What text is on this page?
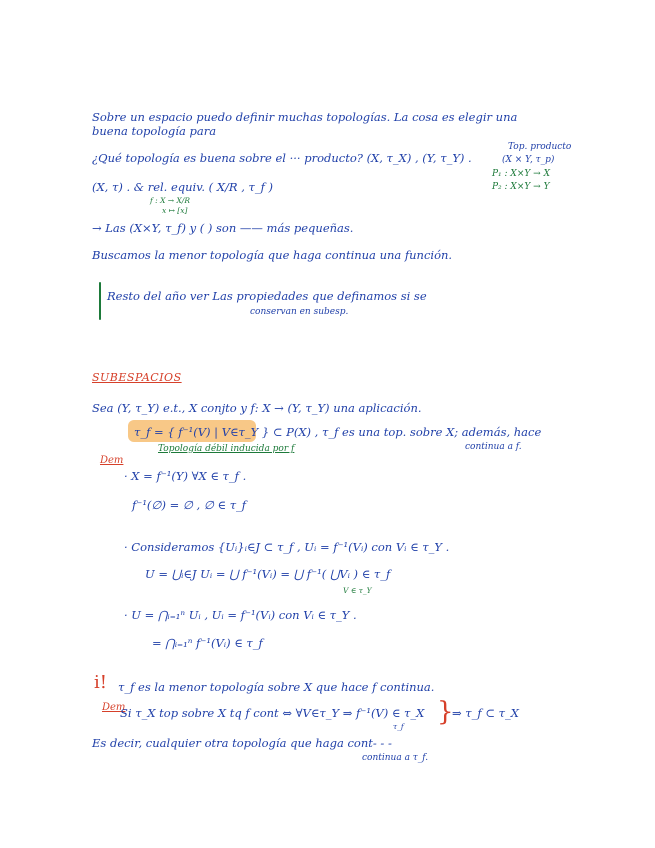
Sobre un espacio puedo definir muchas topologías. La cosa es elegir una
buena topología para
Top. producto
(X × Y, τ_p)
P₁ : X×Y → X
P₂ : X×Y → Y
¿Qué topología es buena sobre el ··· producto? (X, τ_X) , (Y, τ_Y) .
(X, τ) . & rel. equiv. ( X/R , τ_f )
f : X → X/R
x ↦ [x]
→ Las (X×Y, τ_f) y ( ) son —— más pequeñas.
Buscamos la menor topología que haga continua una función.
Resto del año ver Las propiedades que definamos si se
conservan en subesp.
SUBESPACIOS
Sea (Y, τ_Y) e.t., X conjto y f: X → (Y, τ_Y) una aplicación.
τ_f = { f⁻¹(V) | V∈τ_Y } ⊂ P(X) , τ_f es una top. sobre X; además, hace
continua a f.
Topología débil inducida por f
Dem
· X = f⁻¹(Y) ∀X ∈ τ_f .
f⁻¹(∅) = ∅ , ∅ ∈ τ_f
· Consideramos {Uᵢ}ᵢ∈J ⊂ τ_f , Uᵢ = f⁻¹(Vᵢ) con Vᵢ ∈ τ_Y .
U = ⋃ᵢ∈J Uᵢ = ⋃ f⁻¹(Vᵢ) = ⋃ f⁻¹( ⋃Vᵢ ) ∈ τ_f
V ∈ τ_Y
· U = ⋂ᵢ₌₁ⁿ Uᵢ , Uᵢ = f⁻¹(Vᵢ) con Vᵢ ∈ τ_Y .
= ⋂ᵢ₌₁ⁿ f⁻¹(Vᵢ) ∈ τ_f
i! τ_f es la menor topología sobre X que hace f continua.
Dem
Si τ_X top sobre X tq f cont ⇔ ∀V∈τ_Y ⇒ f⁻¹(V) ∈ τ_X }
⇒ τ_f ⊂ τ_X
τ_f
Es decir, cualquier otra topología que haga cont- - -
continua a τ_f.
